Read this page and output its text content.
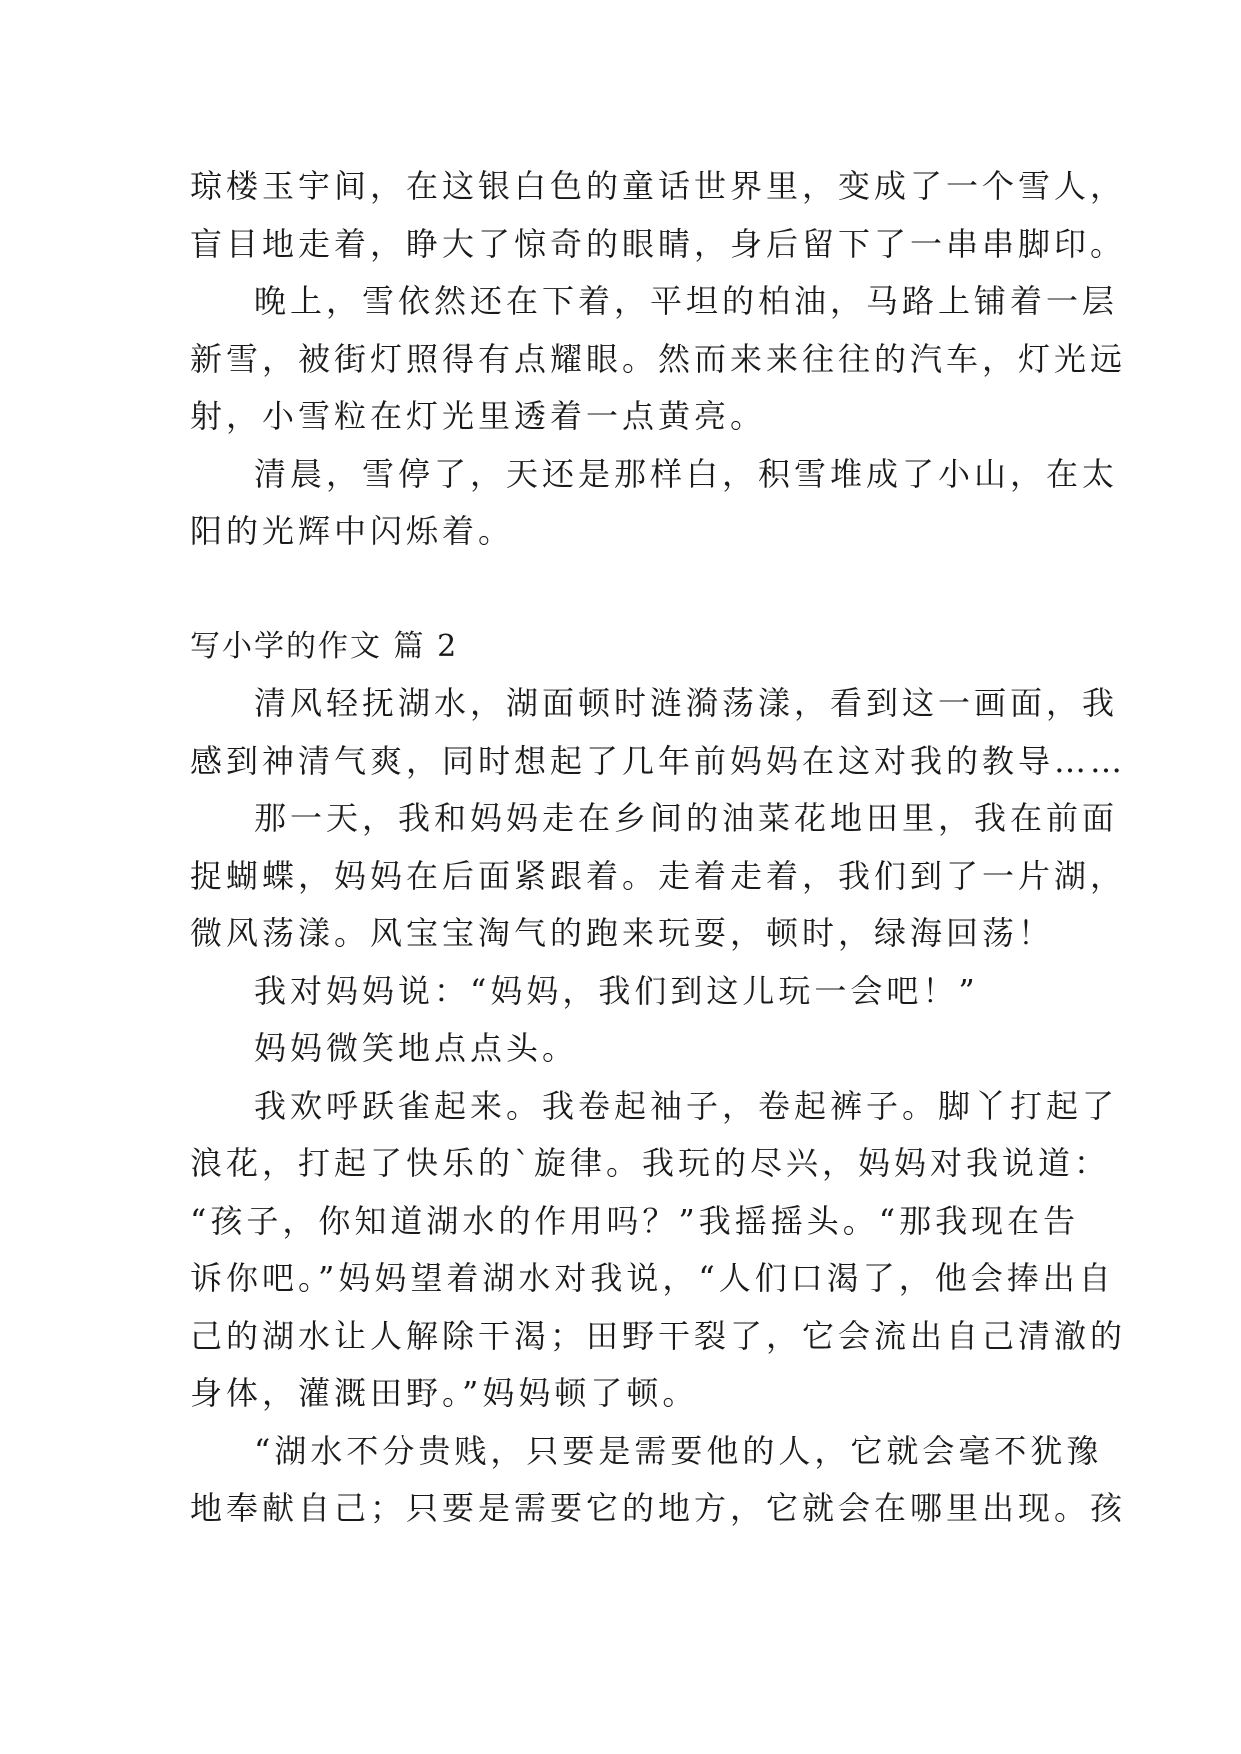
琼楼玉宇间，在这银白色的童话世界里，变成了一个雪人，
盲目地走着，睁大了惊奇的眼睛，身后留下了一串串脚印。
晚上，雪依然还在下着，平坦的柏油，马路上铺着一层
新雪，被街灯照得有点耀眼。然而来来往往的汽车，灯光远
射，小雪粒在灯光里透着一点黄亮。
清晨，雪停了，天还是那样白，积雪堆成了小山，在太
阳的光辉中闪烁着。
写小学的作文 篇 2
清风轻抚湖水，湖面顿时涟漪荡漾，看到这一画面，我
感到神清气爽，同时想起了几年前妈妈在这对我的教导……
那一天，我和妈妈走在乡间的油菜花地田里，我在前面
捉蝴蝶，妈妈在后面紧跟着。走着走着，我们到了一片湖，
微风荡漾。风宝宝淘气的跑来玩耍，顿时，绿海回荡！
我对妈妈说：“妈妈，我们到这儿玩一会吧！”
妈妈微笑地点点头。
我欢呼跃雀起来。我卷起袖子，卷起裤子。脚丫打起了
浪花，打起了快乐的`旋律。我玩的尽兴，妈妈对我说道：
“孩子，你知道湖水的作用吗？”我摇摇头。“那我现在告
诉你吧。”妈妈望着湖水对我说，“人们口渴了，他会捧出自
己的湖水让人解除干渴；田野干裂了，它会流出自己清澈的
身体，灌溉田野。”妈妈顿了顿。
“湖水不分贵贱，只要是需要他的人，它就会毫不犹豫
地奉献自己；只要是需要它的地方，它就会在哪里出现。孩
